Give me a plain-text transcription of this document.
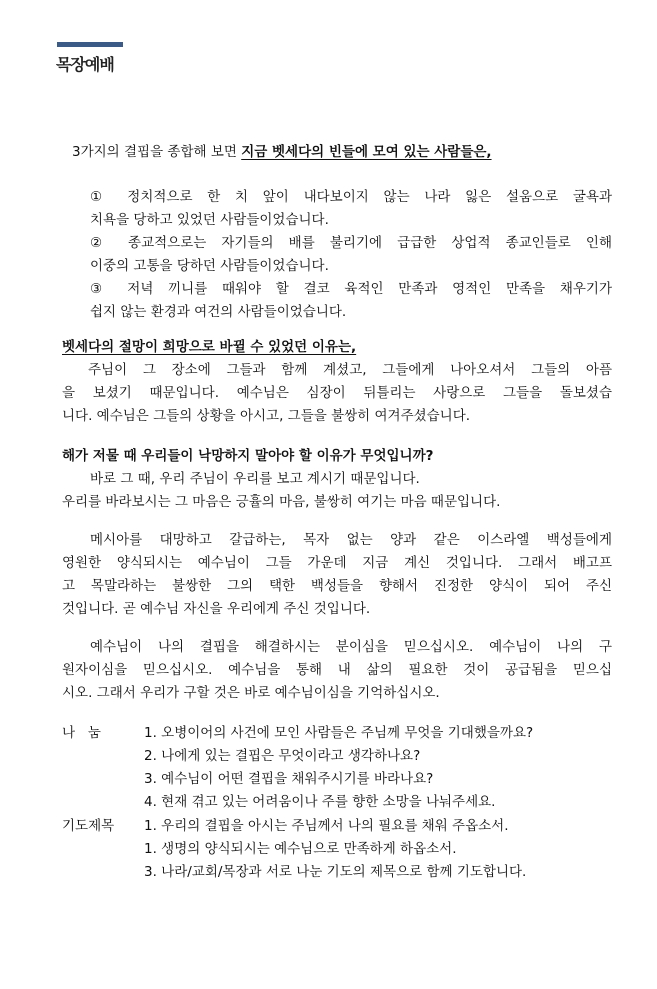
목장예배
3가지의 결핍을 종합해 보면 지금 벳세다의 빈들에 모여 있는 사람들은,
① 정치적으로 한 치 앞이 내다보이지 않는 나라 잃은 설움으로 굴욕과
치욕을 당하고 있었던 사람들이었습니다.
② 종교적으로는 자기들의 배를 불리기에 급급한 상업적 종교인들로 인해
이중의 고통을 당하던 사람들이었습니다.
③ 저녁 끼니를 때워야 할 결코 육적인 만족과 영적인 만족을 채우기가
쉽지 않는 환경과 여건의 사람들이었습니다.
벳세다의 절망이 희망으로 바뀔 수 있었던 이유는,
주님이 그 장소에 그들과 함께 계셨고, 그들에게 나아오셔서 그들의 아픔
을 보셨기 때문입니다. 예수님은 심장이 뒤틀리는 사랑으로 그들을 돌보셨습
니다. 예수님은 그들의 상황을 아시고, 그들을 불쌍히 여겨주셨습니다.
해가 저물 때 우리들이 낙망하지 말아야 할 이유가 무엇입니까?
바로 그 때, 우리 주님이 우리를 보고 계시기 때문입니다.
우리를 바라보시는 그 마음은 긍휼의 마음, 불쌍히 여기는 마음 때문입니다.
메시아를 대망하고 갈급하는, 목자 없는 양과 같은 이스라엘 백성들에게
영원한 양식되시는 예수님이 그들 가운데 지금 계신 것입니다. 그래서 배고프
고 목말라하는 불쌍한 그의 택한 백성들을 향해서 진정한 양식이 되어 주신
것입니다. 곧 예수님 자신을 우리에게 주신 것입니다.
예수님이 나의 결핍을 해결하시는 분이심을 믿으십시오. 예수님이 나의 구
원자이심을 믿으십시오. 예수님을 통해 내 삶의 필요한 것이 공급됨을 믿으십
시오. 그래서 우리가 구할 것은 바로 예수님이심을 기억하십시오.
나   눔	1. 오병이어의 사건에 모인 사람들은 주님께 무엇을 기대했을까요?
2. 나에게 있는 결핍은 무엇이라고 생각하나요?
3. 예수님이 어떤 결핍을 채워주시기를 바라나요?
4. 현재 겪고 있는 어려움이나 주를 향한 소망을 나눠주세요.
기도제목 1. 우리의 결핍을 아시는 주님께서 나의 필요를 채워 주옵소서.
1. 생명의 양식되시는 예수님으로 만족하게 하옵소서.
3. 나라/교회/목장과 서로 나눈 기도의 제목으로 함께 기도합니다.
